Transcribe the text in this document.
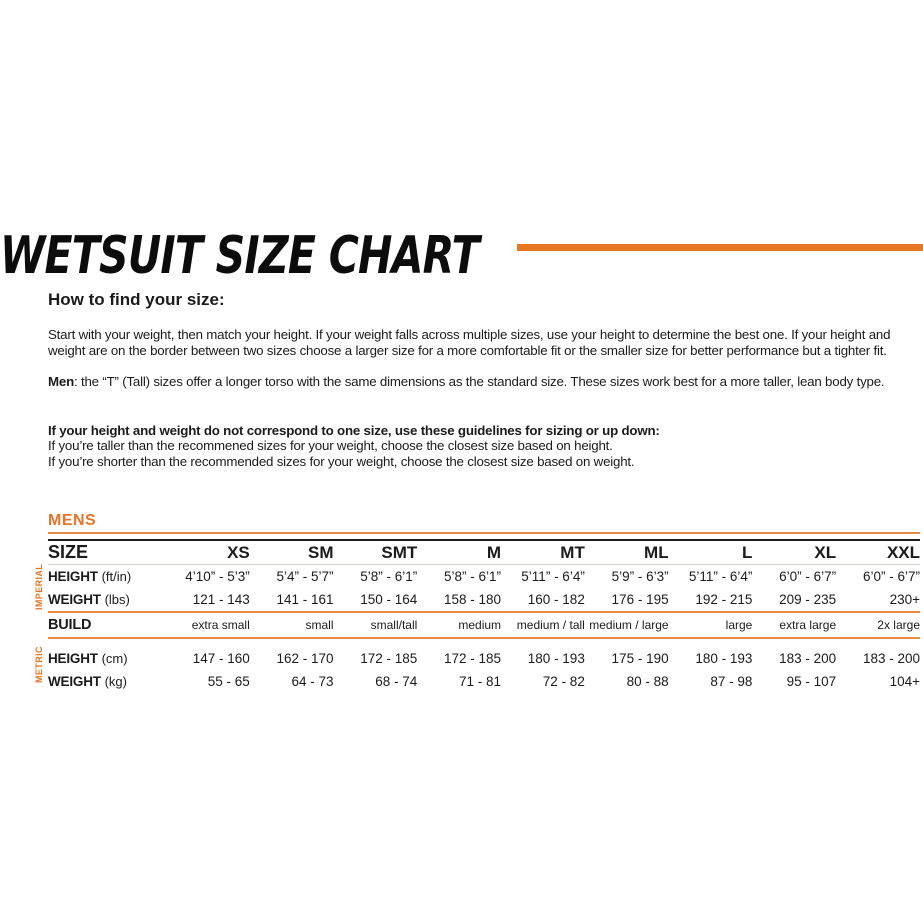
WETSUIT SIZE CHART
How to find your size:

Start with your weight, then match your height. If your weight falls across multiple sizes, use your height to determine the best one. If your height and weight are on the border between two sizes choose a larger size for a more comfortable fit or the smaller size for better performance but a tighter fit.

Men: the “T” (Tall) sizes offer a longer torso with the same dimensions as the standard size. These sizes work best for a more taller, lean body type.

If your height and weight do not correspond to one size, use these guidelines for sizing or up down:

If you’re taller than the recommened sizes for your weight, choose the closest size based on height.

If you’re shorter than the recommended sizes for your weight, choose the closest size based on weight.

MENS
IMPERIAL
METRIC
SIZE	XS	SM	SMT	M	MT	ML	L	XL	XXL
HEIGHT (ft/in)	4’10” - 5’3”	5’4” - 5’7”	5’8” - 6’1”	5’8” - 6’1”	5’11” - 6’4”	5’9” - 6’3”	5’11” - 6’4”	6’0” - 6’7”	6’0” - 6’7”
WEIGHT (lbs)	121 - 143	141 - 161	150 - 164	158 - 180	160 - 182	176 - 195	192 - 215	209 - 235	230+
BUILD	extra small	small	small/tall	medium	medium / tall	medium / large	large	extra large	2x large
HEIGHT (cm)	147 - 160	162 - 170	172 - 185	172 - 185	180 - 193	175 - 190	180 - 193	183 - 200	183 - 200
WEIGHT (kg)	55 - 65	64 - 73	68 - 74	71 - 81	72 - 82	80 - 88	87 - 98	95 - 107	104+
